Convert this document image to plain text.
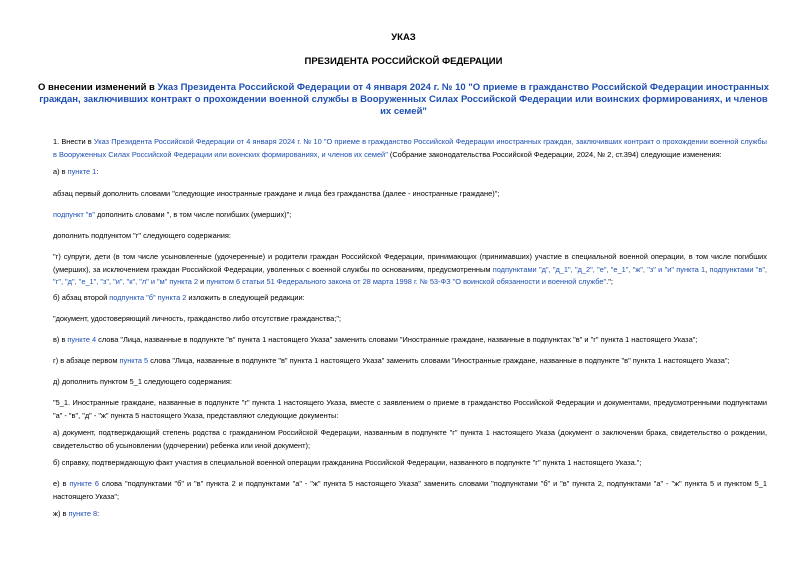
УКАЗ
ПРЕЗИДЕНТА РОССИЙСКОЙ ФЕДЕРАЦИИ
О внесении изменений в Указ Президента Российской Федерации от 4 января 2024 г. № 10 "О приеме в гражданство Российской Федерации иностранных граждан, заключивших контракт о прохождении военной службы в Вооруженных Силах Российской Федерации или воинских формированиях, и членов их семей"
1. Внести в Указ Президента Российской Федерации от 4 января 2024 г. № 10 "О приеме в гражданство Российской Федерации иностранных граждан, заключивших контракт о прохождении военной службы в Вооруженных Силах Российской Федерации или воинских формированиях, и членов их семей" (Собрание законодательства Российской Федерации, 2024, № 2, ст.394) следующие изменения:
а) в пункте 1:
абзац первый дополнить словами "следующие иностранные граждане и лица без гражданства (далее - иностранные граждане)";
подпункт "в" дополнить словами ", в том числе погибших (умерших)";
дополнить подпунктом "г" следующего содержания:
"г) супруги, дети (в том числе усыновленные (удочеренные) и родители граждан Российской Федерации, принимающих (принимавших) участие в специальной военной операции, в том числе погибших (умерших), за исключением граждан Российской Федерации, уволенных с военной службы по основаниям, предусмотренным подпунктами "д", "д_1", "д_2", "е", "е_1", "ж", "з" и "и" пункта 1, подпунктами "в", "г", "д", "е_1", "з", "и", "к", "л" и "м" пункта 2 и пунктом 6 статьи 51 Федерального закона от 28 марта 1998 г. № 53-ФЗ "О воинской обязанности и военной службе".";
б) абзац второй подпункта "б" пункта 2 изложить в следующей редакции:
"документ, удостоверяющий личность, гражданство либо отсутствие гражданства;";
в) в пункте 4 слова "Лица, названные в подпункте "в" пункта 1 настоящего Указа" заменить словами "Иностранные граждане, названные в подпунктах "в" и "г" пункта 1 настоящего Указа";
г) в абзаце первом пункта 5 слова "Лица, названные в подпункте "в" пункта 1 настоящего Указа" заменить словами "Иностранные граждане, названные в подпункте "в" пункта 1 настоящего Указа";
д) дополнить пунктом 5_1 следующего содержания:
"5_1. Иностранные граждане, названные в подпункте "г" пункта 1 настоящего Указа, вместе с заявлением о приеме в гражданство Российской Федерации и документами, предусмотренными подпунктами "а" - "в", "д" - "ж" пункта 5 настоящего Указа, представляют следующие документы:
а) документ, подтверждающий степень родства с гражданином Российской Федерации, названным в подпункте "г" пункта 1 настоящего Указа (документ о заключении брака, свидетельство о рождении, свидетельство об усыновлении (удочерении) ребенка или иной документ);
б) справку, подтверждающую факт участия в специальной военной операции гражданина Российской Федерации, названного в подпункте "г" пункта 1 настоящего Указа.";
е) в пункте 6 слова "подпунктами "б" и "в" пункта 2 и подпунктами "а" - "ж" пункта 5 настоящего Указа" заменить словами "подпунктами "б" и "в" пункта 2, подпунктами "а" - "ж" пункта 5 и пунктом 5_1 настоящего Указа";
ж) в пункте 8:
